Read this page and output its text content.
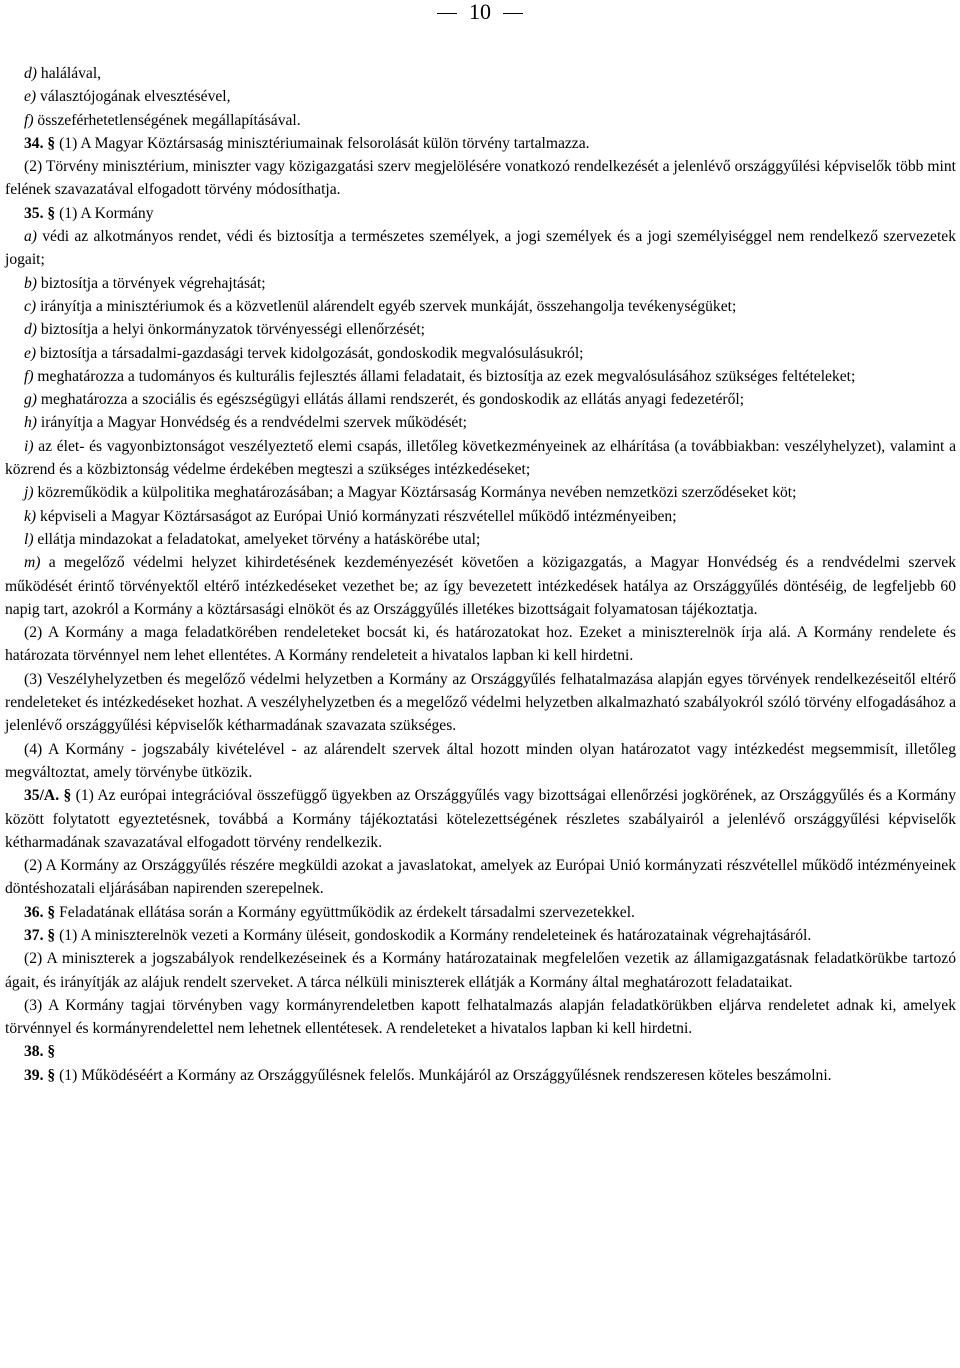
10

d) halálával,

e) választójogának elvesztésével,

f) összeférhetetlenségének megállapításával.

34. § (1) A Magyar Köztársaság minisztériumainak felsorolását külön törvény tartalmazza.

(2) Törvény minisztérium, miniszter vagy közigazgatási szerv megjelölésére vonatkozó rendelkezését a jelenlévő országgyűlési képviselők több mint felének szavazatával elfogadott törvény módosíthatja.

35. § (1) A Kormány

a) védi az alkotmányos rendet, védi és biztosítja a természetes személyek, a jogi személyek és a jogi személyiséggel nem rendelkező szervezetek jogait;

b) biztosítja a törvények végrehajtását;

c) irányítja a minisztériumok és a közvetlenül alárendelt egyéb szervek munkáját, összehangolja tevékenységüket;

d) biztosítja a helyi önkormányzatok törvényességi ellenőrzését;

e) biztosítja a társadalmi-gazdasági tervek kidolgozását, gondoskodik megvalósulásukról;

f) meghatározza a tudományos és kulturális fejlesztés állami feladatait, és biztosítja az ezek megvalósulásához szükséges feltételeket;

g) meghatározza a szociális és egészségügyi ellátás állami rendszerét, és gondoskodik az ellátás anyagi fedezetéről;

h) irányítja a Magyar Honvédség és a rendvédelmi szervek működését;

i) az élet- és vagyonbiztonságot veszélyeztető elemi csapás, illetőleg következményeinek az elhárítása (a továbbiakban: veszélyhelyzet), valamint a közrend és a közbiztonság védelme érdekében megteszi a szükséges intézkedéseket;

j) közreműködik a külpolitika meghatározásában; a Magyar Köztársaság Kormánya nevében nemzetközi szerződéseket köt;

k) képviseli a Magyar Köztársaságot az Európai Unió kormányzati részvétellel működő intézményeiben;

l) ellátja mindazokat a feladatokat, amelyeket törvény a hatáskörébe utal;

m) a megelőző védelmi helyzet kihirdetésének kezdeményezését követően a közigazgatás, a Magyar Honvédség és a rendvédelmi szervek működését érintő törvényektől eltérő intézkedéseket vezethet be; az így bevezetett intézkedések hatálya az Országgyűlés döntéséig, de legfeljebb 60 napig tart, azokról a Kormány a köztársasági elnököt és az Országgyűlés illetékes bizottságait folyamatosan tájékoztatja.

(2) A Kormány a maga feladatkörében rendeleteket bocsát ki, és határozatokat hoz. Ezeket a miniszterelnök írja alá. A Kormány rendelete és határozata törvénnyel nem lehet ellentétes. A Kormány rendeleteit a hivatalos lapban ki kell hirdetni.

(3) Veszélyhelyzetben és megelőző védelmi helyzetben a Kormány az Országgyűlés felhatalmazása alapján egyes törvények rendelkezéseitől eltérő rendeleteket és intézkedéseket hozhat. A veszélyhelyzetben és a megelőző védelmi helyzetben alkalmazható szabályokról szóló törvény elfogadásához a jelenlévő országgyűlési képviselők kétharmadának szavazata szükséges.

(4) A Kormány - jogszabály kivételével - az alárendelt szervek által hozott minden olyan határozatot vagy intézkedést megsemmisít, illetőleg megváltoztat, amely törvénybe ütközik.

35/A. § (1) Az európai integrációval összefüggő ügyekben az Országgyűlés vagy bizottságai ellenőrzési jogkörének, az Országgyűlés és a Kormány között folytatott egyeztetésnek, továbbá a Kormány tájékoztatási kötelezettségének részletes szabályairól a jelenlévő országgyűlési képviselők kétharmadának szavazatával elfogadott törvény rendelkezik.

(2) A Kormány az Országgyűlés részére megküldi azokat a javaslatokat, amelyek az Európai Unió kormányzati részvétellel működő intézményeinek döntéshozatali eljárásában napirenden szerepelnek.

36. § Feladatának ellátása során a Kormány együttműködik az érdekelt társadalmi szervezetekkel.

37. § (1) A miniszterelnök vezeti a Kormány üléseit, gondoskodik a Kormány rendeleteinek és határozatainak végrehajtásáról.

(2) A miniszterek a jogszabályok rendelkezéseinek és a Kormány határozatainak megfelelően vezetik az államigazgatásnak feladatkörükbe tartozó ágait, és irányítják az alájuk rendelt szerveket. A tárca nélküli miniszterek ellátják a Kormány által meghatározott feladataikat.

(3) A Kormány tagjai törvényben vagy kormányrendeletben kapott felhatalmazás alapján feladatkörükben eljárva rendeletet adnak ki, amelyek törvénnyel és kormányrendelettel nem lehetnek ellentétesek. A rendeleteket a hivatalos lapban ki kell hirdetni.

38. §

39. § (1) Működéséért a Kormány az Országgyűlésnek felelős. Munkájáról az Országgyűlésnek rendszeresen köteles beszámolni.
